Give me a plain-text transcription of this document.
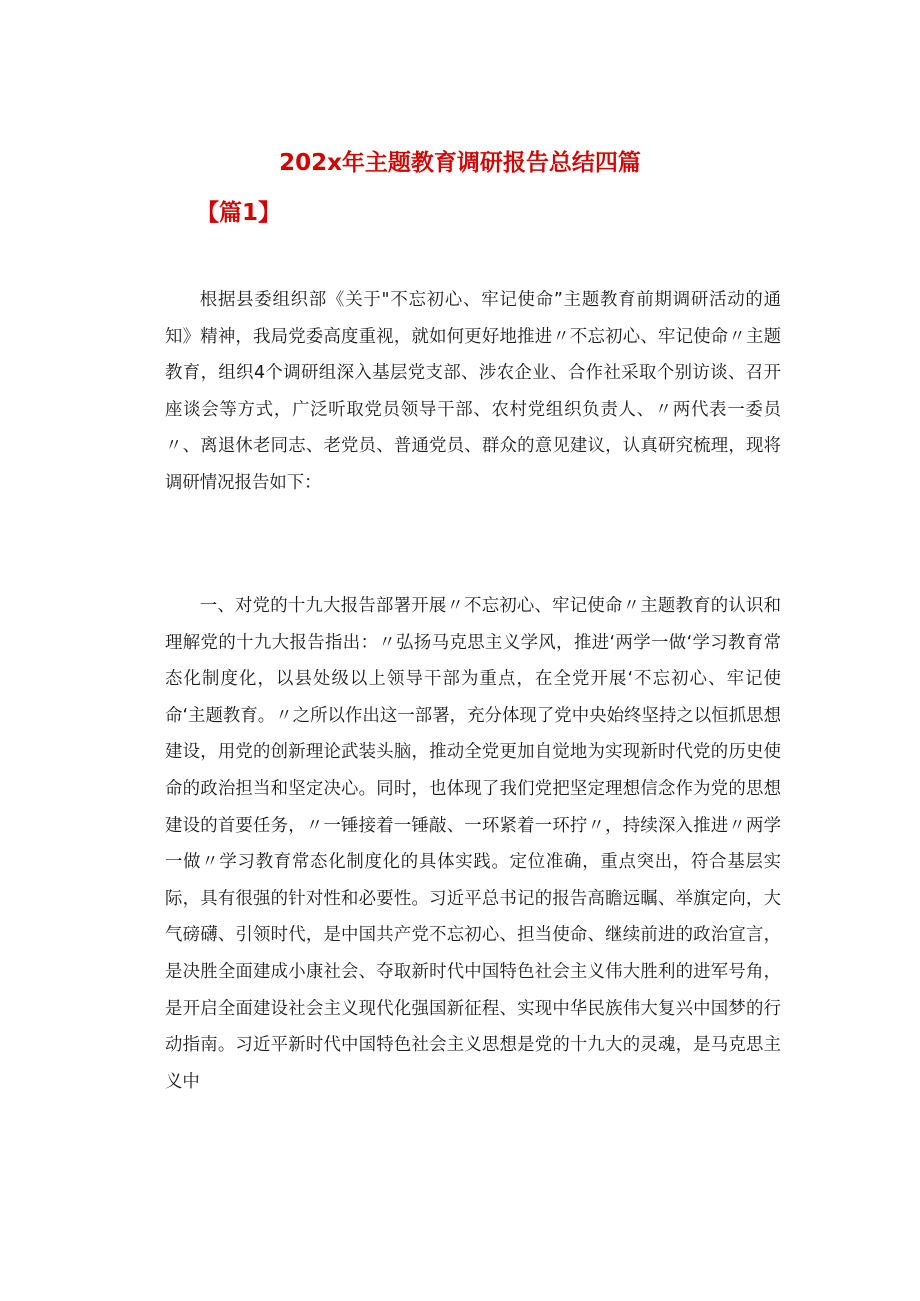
202x年主题教育调研报告总结四篇
【篇1】

根据县委组织部《关于"不忘初心、牢记使命”主题教育前期调研活动的通知》精神，我局党委高度重视，就如何更好地推进〃不忘初心、牢记使命〃主题教育，组织4个调研组深入基层党支部、涉农企业、合作社采取个别访谈、召开座谈会等方式，广泛听取党员领导干部、农村党组织负责人、〃两代表一委员〃、离退休老同志、老党员、普通党员、群众的意见建议，认真研究梳理，现将调研情况报告如下：

一、对党的十九大报告部署开展〃不忘初心、牢记使命〃主题教育的认识和理解党的十九大报告指出：〃弘扬马克思主义学风，推进‘两学一做‘学习教育常态化制度化，以县处级以上领导干部为重点，在全党开展‘不忘初心、牢记使命‘主题教育。〃之所以作出这一部署，充分体现了党中央始终坚持之以恒抓思想建设，用党的创新理论武装头脑，推动全党更加自觉地为实现新时代党的历史使命的政治担当和坚定决心。同时，也体现了我们党把坚定理想信念作为党的思想建设的首要任务，〃一锤接着一锤敲、一环紧着一环拧〃，持续深入推进〃两学一做〃学习教育常态化制度化的具体实践。定位准确，重点突出，符合基层实际，具有很强的针对性和必要性。习近平总书记的报告高瞻远瞩、举旗定向，大气磅礴、引领时代，是中国共产党不忘初心、担当使命、继续前进的政治宣言，是决胜全面建成小康社会、夺取新时代中国特色社会主义伟大胜利的进军号角，是开启全面建设社会主义现代化强国新征程、实现中华民族伟大复兴中国梦的行动指南。习近平新时代中国特色社会主义思想是党的十九大的灵魂，是马克思主义中
